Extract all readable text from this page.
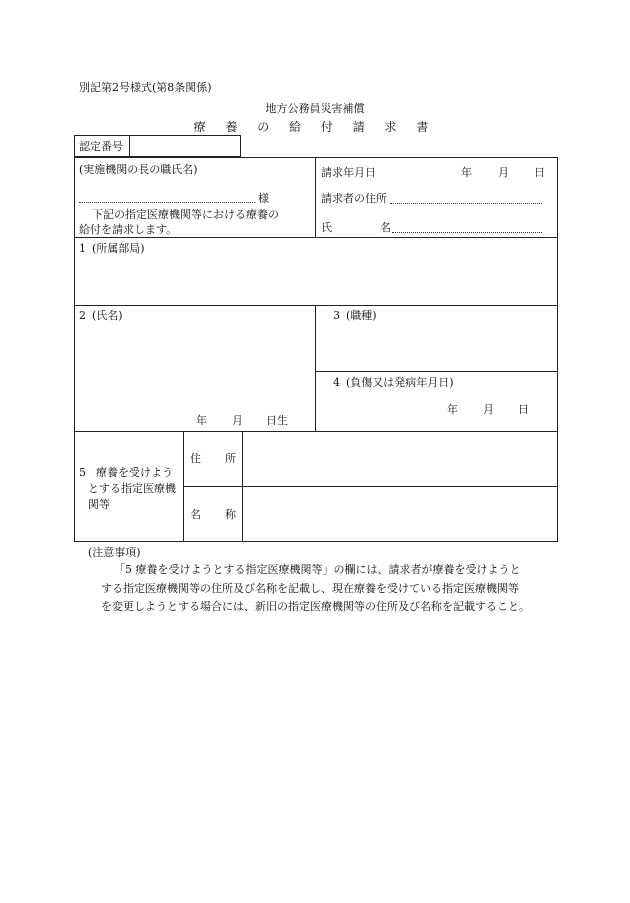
別記第2号様式(第8条関係)
地方公務員災害補償
療 養 の 給 付 請 求 書
認定番号
(実施機関の長の職氏名)
様
下記の指定医療機関等における療養の
給付を請求します。
請求年月日	年 月 日
請求者の住所
氏	名
1 (所属部局)
2 (氏名)
年 月 日生
3 (職種)
4 (負傷又は発病年月日)
年 月 日
5 療養を受けよう
とする指定医療機
関等
住 所
名 称
(注意事項)
「5 療養を受けようとする指定医療機関等」の欄には、請求者が療養を受けようと
する指定医療機関等の住所及び名称を記載し、現在療養を受けている指定医療機関等
を変更しようとする場合には、新旧の指定医療機関等の住所及び名称を記載すること。
